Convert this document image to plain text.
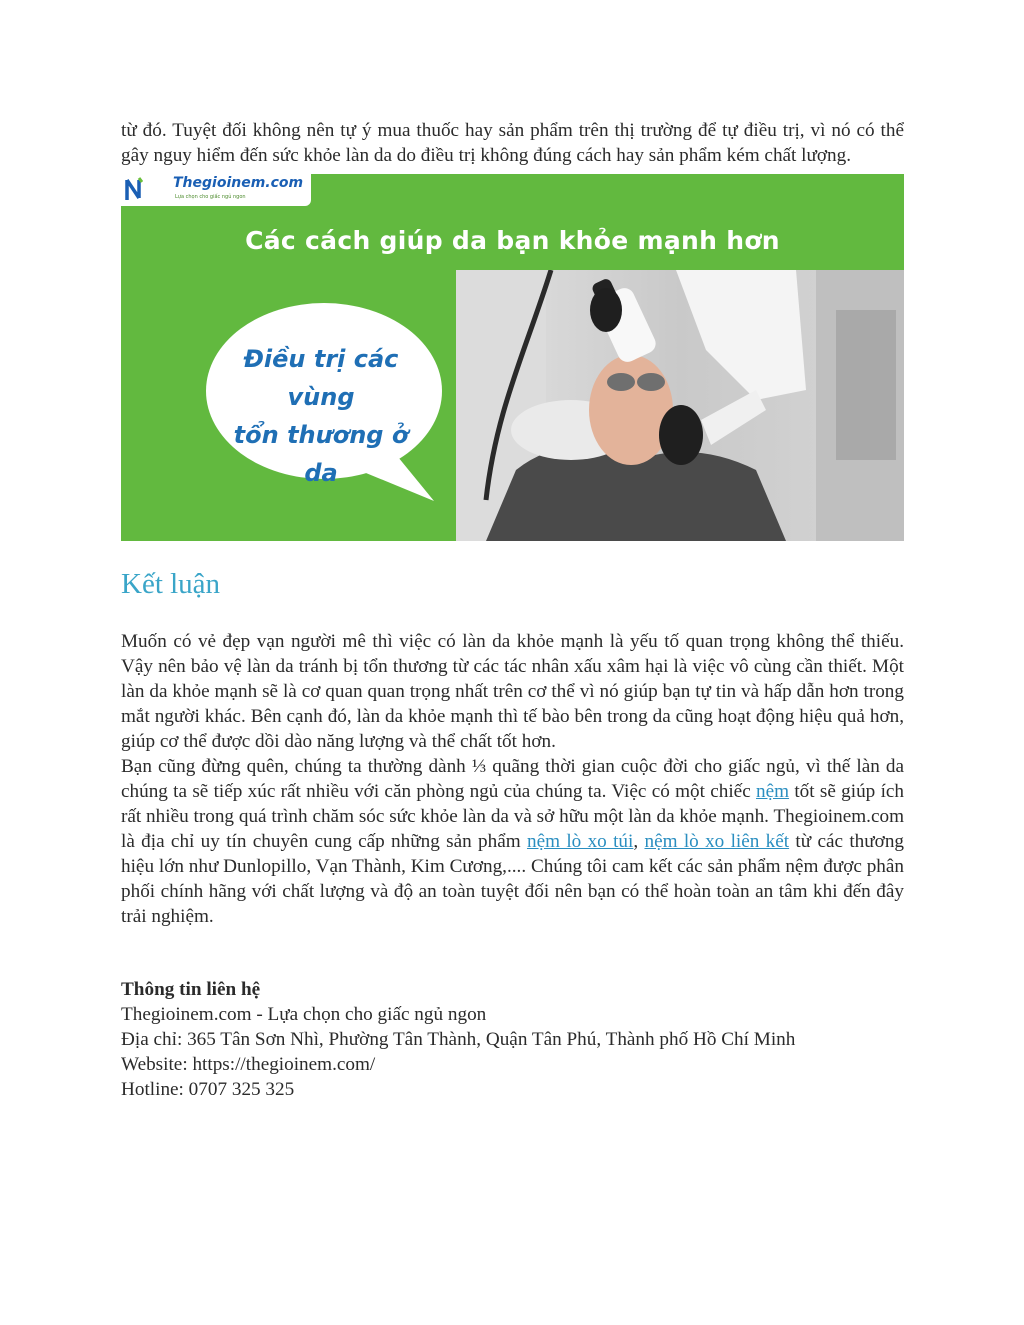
từ đó. Tuyệt đối không nên tự ý mua thuốc hay sản phẩm trên thị trường để tự điều trị, vì nó có thể gây nguy hiểm đến sức khỏe làn da do điều trị không đúng cách hay sản phẩm kém chất lượng.

Thegioinem.com
Lựa chọn cho giấc ngủ ngon
Các cách giúp da bạn khỏe mạnh hơn
Điều trị các vùng
tổn thương ở da
Kết luận

Muốn có vẻ đẹp vạn người mê thì việc có làn da khỏe mạnh là yếu tố quan trọng không thể thiếu. Vậy nên bảo vệ làn da tránh bị tổn thương từ các tác nhân xấu xâm hại là việc vô cùng cần thiết. Một làn da khỏe mạnh sẽ là cơ quan quan trọng nhất trên cơ thể vì nó giúp bạn tự tin và hấp dẫn hơn trong mắt người khác. Bên cạnh đó, làn da khỏe mạnh thì tế bào bên trong da cũng hoạt động hiệu quả hơn, giúp cơ thể được dồi dào năng lượng và thể chất tốt hơn.

Bạn cũng đừng quên, chúng ta thường dành ⅓ quãng thời gian cuộc đời cho giấc ngủ, vì thế làn da chúng ta sẽ tiếp xúc rất nhiều với căn phòng ngủ của chúng ta. Việc có một chiếc nệm tốt sẽ giúp ích rất nhiều trong quá trình chăm sóc sức khỏe làn da và sở hữu một làn da khỏe mạnh. Thegioinem.com là địa chỉ uy tín chuyên cung cấp những sản phẩm nệm lò xo túi, nệm lò xo liên kết từ các thương hiệu lớn như Dunlopillo, Vạn Thành, Kim Cương,.... Chúng tôi cam kết các sản phẩm nệm được phân phối chính hãng với chất lượng và độ an toàn tuyệt đối nên bạn có thể hoàn toàn an tâm khi đến đây trải nghiệm.

Thông tin liên hệ

Thegioinem.com - Lựa chọn cho giấc ngủ ngon

Địa chỉ: 365 Tân Sơn Nhì, Phường Tân Thành, Quận Tân Phú, Thành phố Hồ Chí Minh

Website: https://thegioinem.com/

Hotline: 0707 325 325
